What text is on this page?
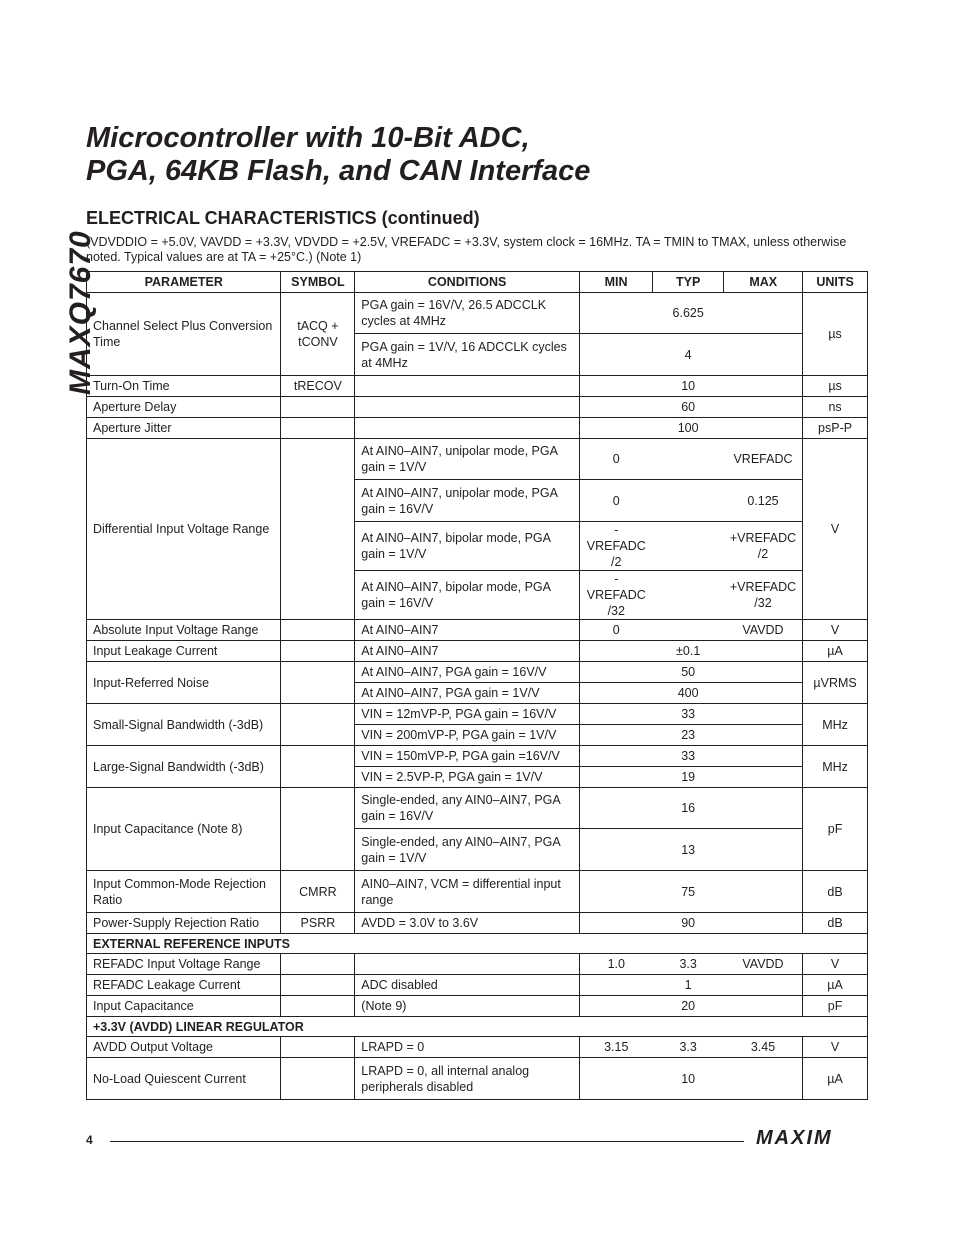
MAXQ7670
Microcontroller with 10-Bit ADC,
PGA, 64KB Flash, and CAN Interface
ELECTRICAL CHARACTERISTICS (continued)
(VDVDDIO = +5.0V, VAVDD = +3.3V, VDVDD = +2.5V, VREFADC = +3.3V, system clock = 16MHz. TA = TMIN to TMAX, unless otherwise noted. Typical values are at TA = +25°C.) (Note 1)
PARAMETER	SYMBOL	CONDITIONS	MIN	TYP	MAX	UNITS
Channel Select Plus Conversion Time	tACQ + tCONV	PGA gain = 16V/V, 26.5 ADCCLK cycles at 4MHz		6.625		µs
		PGA gain = 1V/V, 16 ADCCLK cycles at 4MHz		4		
Turn-On Time	tRECOV			10		µs
Aperture Delay				60		ns
Aperture Jitter				100		psP-P
Differential Input Voltage Range		At AIN0–AIN7, unipolar mode, PGA gain = 1V/V	0		VREFADC	V
		At AIN0–AIN7, unipolar mode, PGA gain = 16V/V	0		0.125	
		At AIN0–AIN7, bipolar mode, PGA gain = 1V/V	-VREFADC /2		+VREFADC /2	
		At AIN0–AIN7, bipolar mode, PGA gain = 16V/V	-VREFADC /32		+VREFADC /32	
Absolute Input Voltage Range		At AIN0–AIN7	0		VAVDD	V
Input Leakage Current		At AIN0–AIN7		±0.1		µA
Input-Referred Noise		At AIN0–AIN7, PGA gain = 16V/V		50		µVRMS
		At AIN0–AIN7, PGA gain = 1V/V		400		
Small-Signal Bandwidth (-3dB)		VIN = 12mVP-P, PGA gain = 16V/V		33		MHz
		VIN = 200mVP-P, PGA gain = 1V/V		23		
Large-Signal Bandwidth (-3dB)		VIN = 150mVP-P, PGA gain =16V/V		33		MHz
		VIN = 2.5VP-P, PGA gain = 1V/V		19		
Input Capacitance (Note 8)		Single-ended, any AIN0–AIN7, PGA gain = 16V/V		16		pF
		Single-ended, any AIN0–AIN7, PGA gain = 1V/V		13		
Input Common-Mode Rejection Ratio	CMRR	AIN0–AIN7, VCM = differential input range		75		dB
Power-Supply Rejection Ratio	PSRR	AVDD = 3.0V to 3.6V		90		dB
EXTERNAL REFERENCE INPUTS						
REFADC Input Voltage Range			1.0	3.3	VAVDD	V
REFADC Leakage Current		ADC disabled		1		µA
Input Capacitance		(Note 9)		20		pF
+3.3V (AVDD) LINEAR REGULATOR						
AVDD Output Voltage		LRAPD = 0	3.15	3.3	3.45	V
No-Load Quiescent Current		LRAPD = 0, all internal analog peripherals disabled		10		µA
4	MAXIM
